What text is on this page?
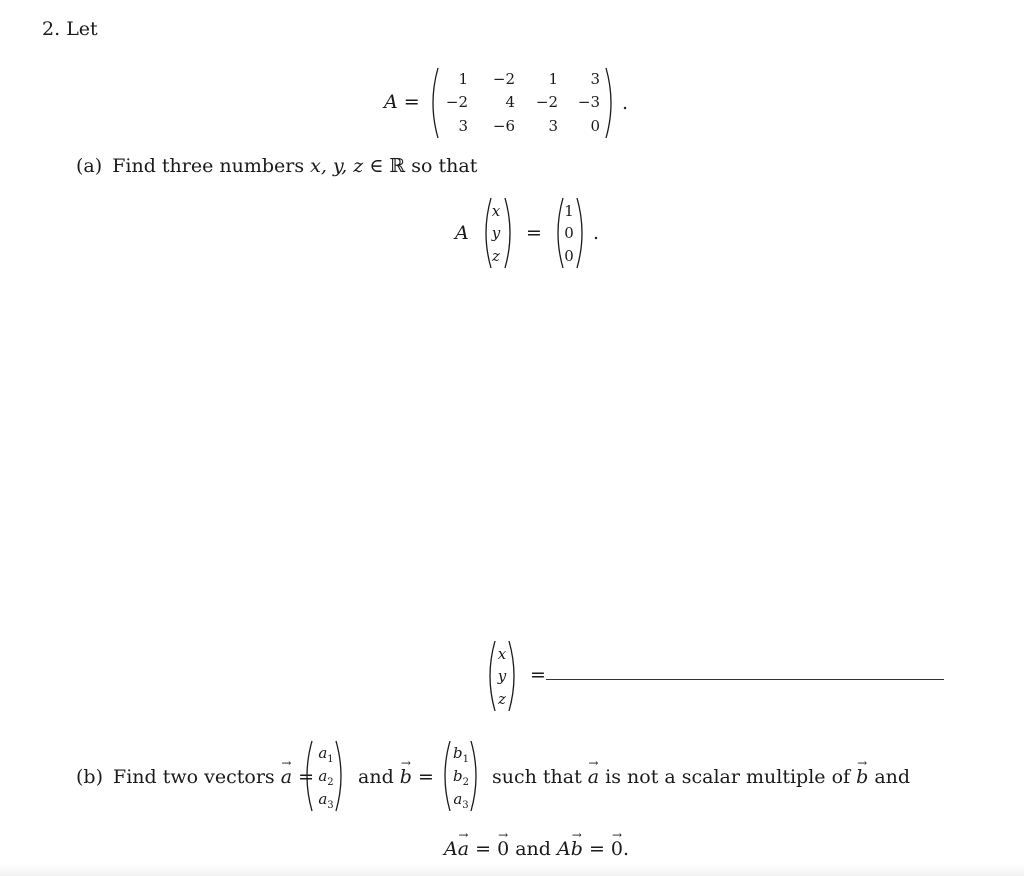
2. Let
A =
1	−2	1	3
−2	4 −2 −3
3	−6	3	0
.
(a) Find three numbers x, y, z ∈ ℝ so that
A
x
y
z
=
1
0
0
.
x
y
z
=
(b) Find two vectors
→
a =
$a_1$
$a_2$
$a_3$
and
→
b =
$b_1$
$b_2$
$a_3$
such that
→
a is not a scalar multiple of
→
b and
A
→
a =
→
0 and A
→
b =
→
0.
